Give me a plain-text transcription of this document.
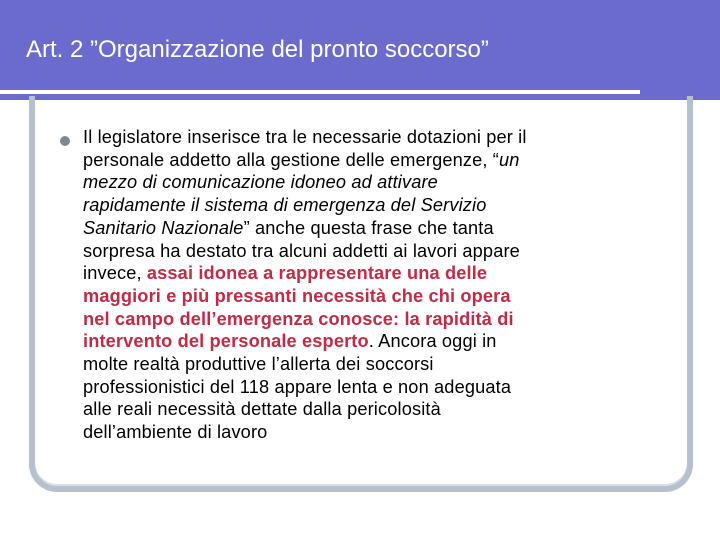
Art. 2 ”Organizzazione del pronto soccorso”
Il legislatore inserisce tra le necessarie dotazioni per il
personale addetto alla gestione delle emergenze, “un
mezzo di comunicazione idoneo ad attivare
rapidamente il sistema di emergenza del Servizio
Sanitario Nazionale” anche questa frase che tanta
sorpresa ha destato tra alcuni addetti ai lavori appare
invece, assai idonea a rappresentare una delle
maggiori e più pressanti necessità che chi opera
nel campo dell’emergenza conosce: la rapidità di
intervento del personale esperto. Ancora oggi in
molte realtà produttive l’allerta dei soccorsi
professionistici del 118 appare lenta e non adeguata
alle reali necessità dettate dalla pericolosità
dell’ambiente di lavoro
